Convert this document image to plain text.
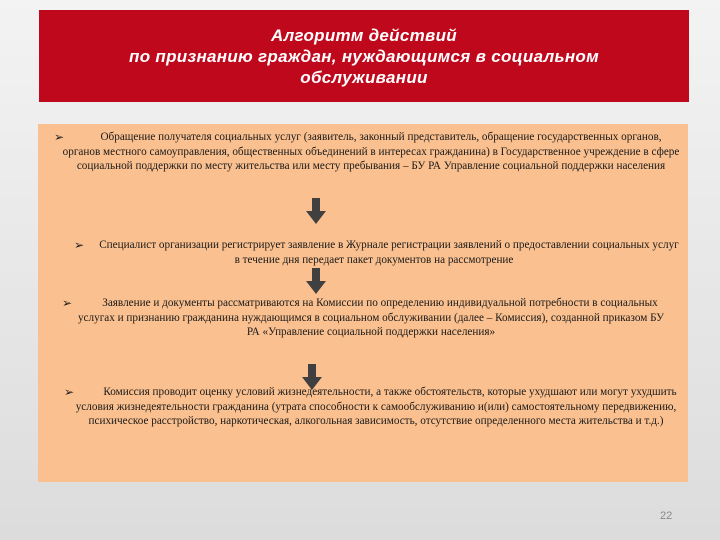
Алгоритм действий
по признанию граждан, нуждающимся в социальном
обслуживании
➢	Обращение получателя социальных услуг (заявитель, законный представитель, обращение государственных органов, органов местного самоуправления, общественных объединений в интересах гражданина) в Государственное учреждение в сфере социальной поддержки по месту жительства или месту пребывания – БУ РА Управление социальной поддержки населения

➢	Специалист организации регистрирует заявление в Журнале регистрации заявлений о предоставлении социальных услуг в течение дня передает пакет документов на рассмотрение

➢	Заявление и документы рассматриваются на Комиссии по определению индивидуальной потребности в социальных услугах и признанию гражданина нуждающимся в социальном обслуживании (далее – Комиссия), созданной приказом БУ РА «Управление социальной поддержки населения»

➢	Комиссия проводит оценку условий жизнедеятельности, а также обстоятельств, которые ухудшают или могут ухудшить условия жизнедеятельности гражданина (утрата способности к самообслуживанию и(или) самостоятельному передвижению, психическое расстройство, наркотическая, алкогольная зависимость, отсутствие определенного места жительства и т.д.)

22
